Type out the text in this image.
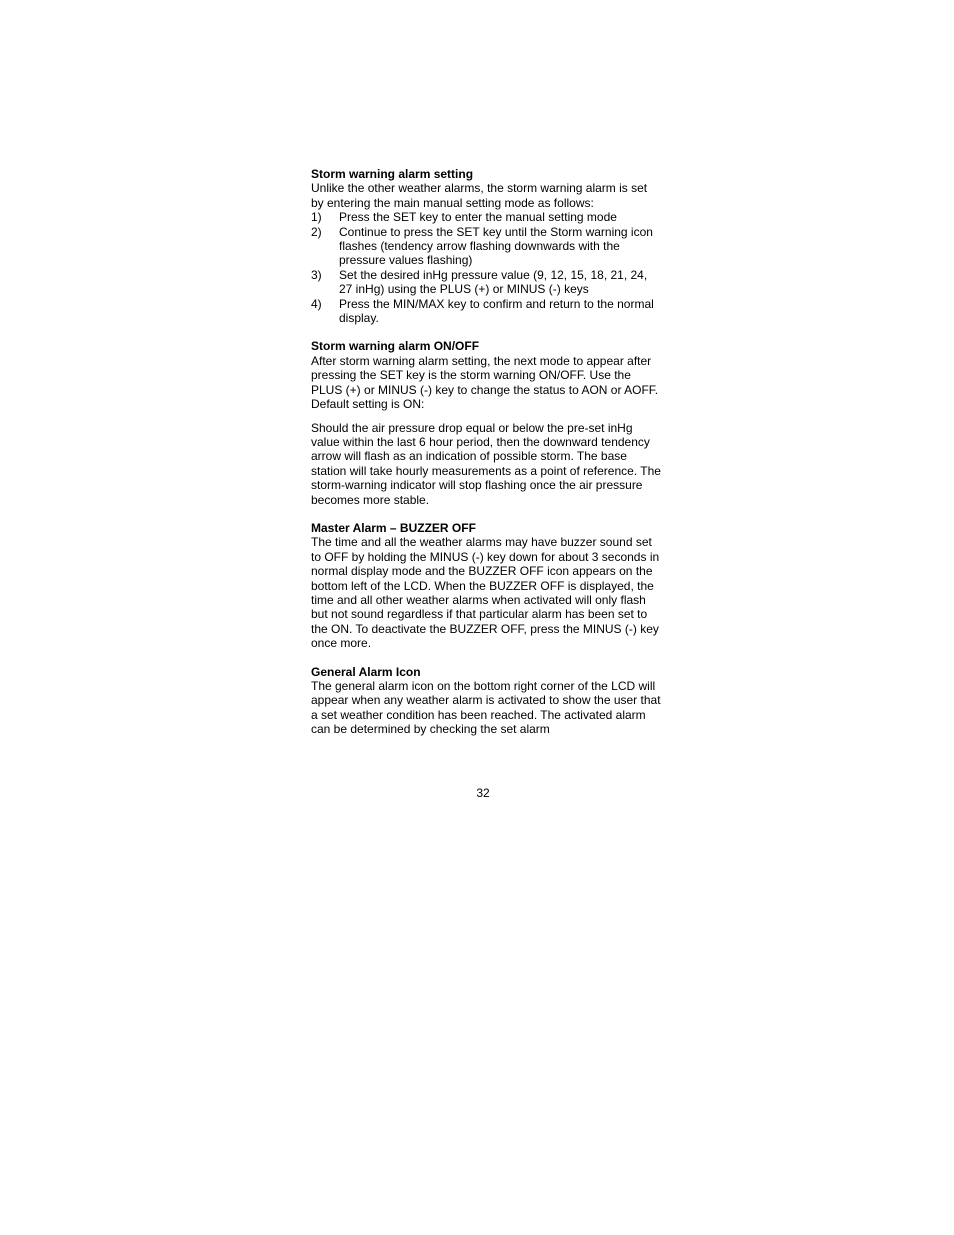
Storm warning alarm setting

Unlike the other weather alarms, the storm warning alarm is set by entering the main manual setting mode as follows:

1)	Press the SET key to enter the manual setting mode
2)	Continue to press the SET key until the Storm warning icon flashes (tendency arrow flashing downwards with the pressure values flashing)
3)	Set the desired inHg pressure value (9, 12, 15, 18, 21, 24, 27 inHg) using the PLUS (+) or MINUS (-) keys
4)	Press the MIN/MAX key to confirm and return to the normal display.

Storm warning alarm ON/OFF

After storm warning alarm setting, the next mode to appear after pressing the SET key is the storm warning ON/OFF. Use the PLUS (+) or MINUS (-) key to change the status to AON or AOFF. Default setting is ON:

Should the air pressure drop equal or below the pre-set inHg value within the last 6 hour period, then the downward tendency arrow will flash as an indication of possible storm. The base station will take hourly measurements as a point of reference. The storm-warning indicator will stop flashing once the air pressure becomes more stable.

Master Alarm – BUZZER OFF

The time and all the weather alarms may have buzzer sound set to OFF by holding the MINUS (-) key down for about 3 seconds in normal display mode and the BUZZER OFF icon appears on the bottom left of the LCD. When the BUZZER OFF is displayed, the time and all other weather alarms when activated will only flash but not sound regardless if that particular alarm has been set to the ON. To deactivate the BUZZER OFF, press the MINUS (-) key once more.

General Alarm Icon

The general alarm icon on the bottom right corner of the LCD will appear when any weather alarm is activated to show the user that a set weather condition has been reached. The activated alarm can be determined by checking the set alarm

32
